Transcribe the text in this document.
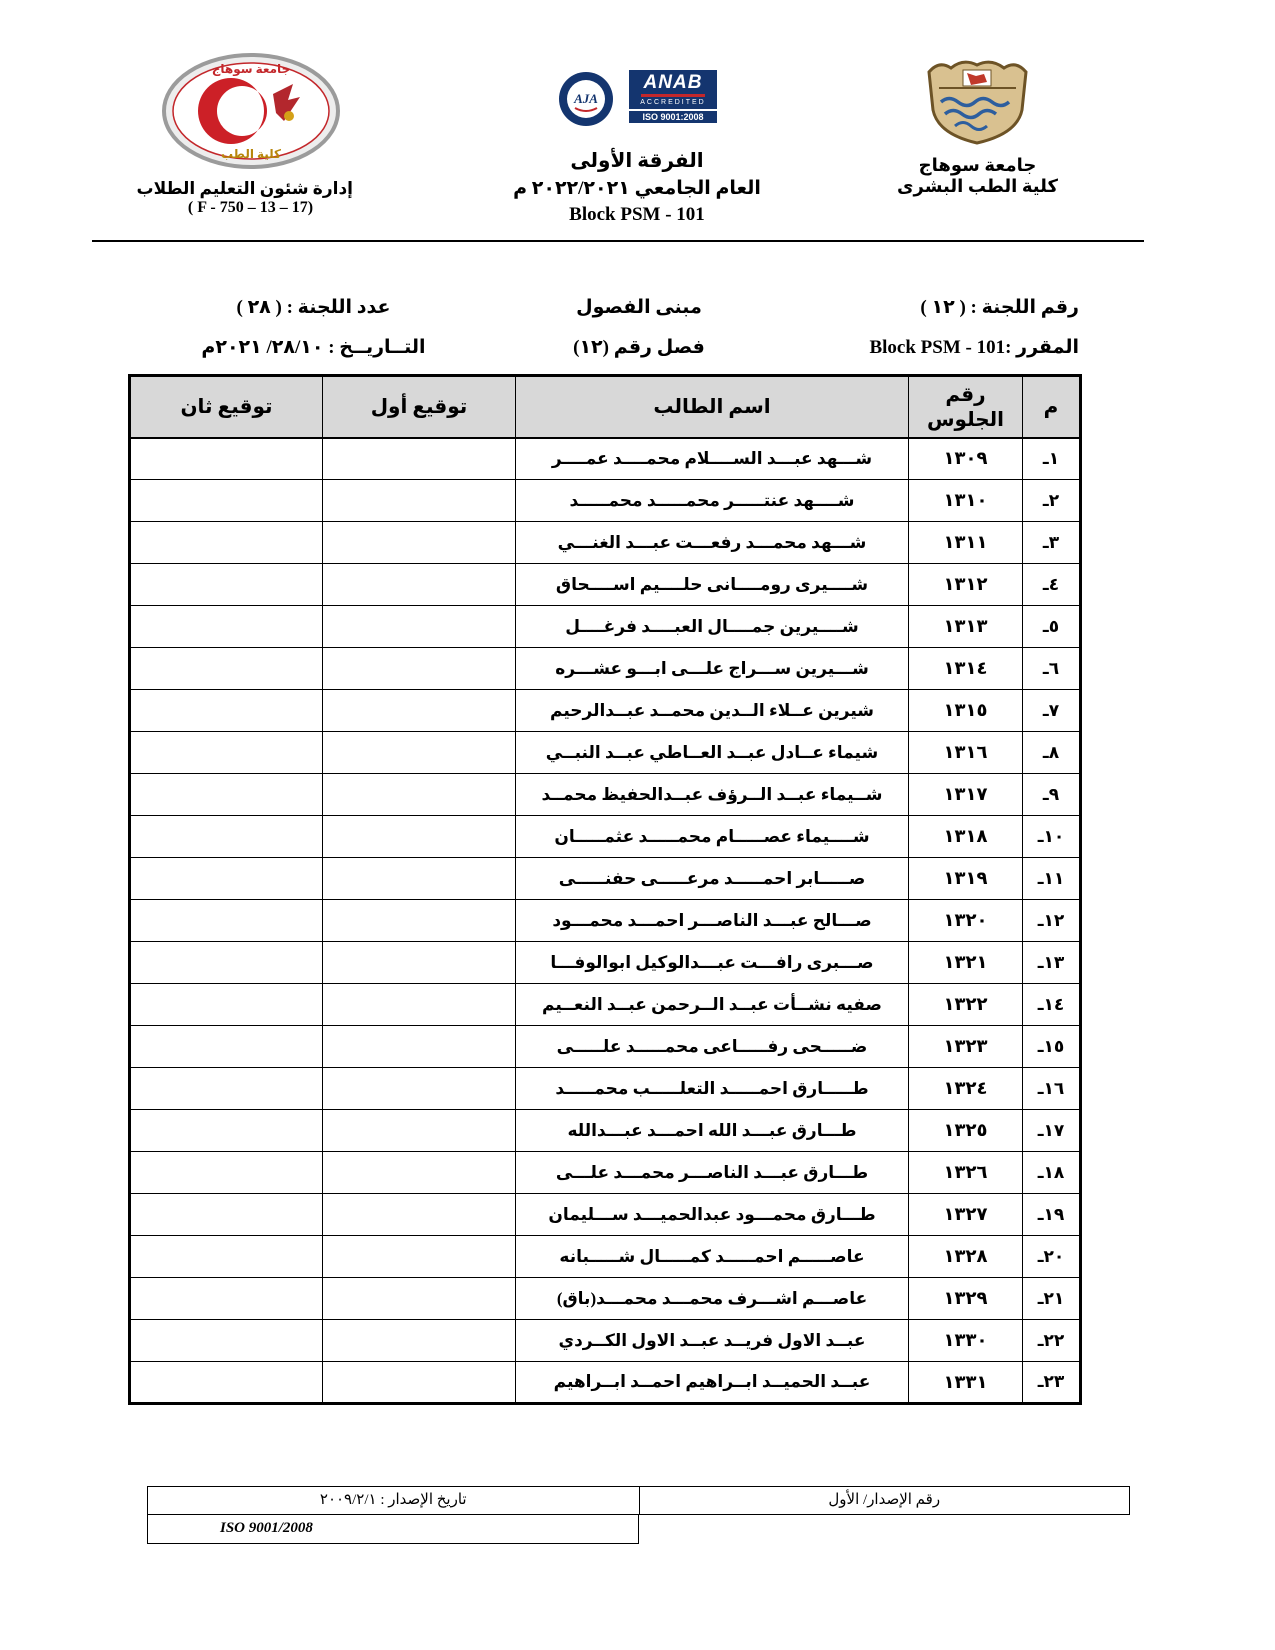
جامعة سوهاج
كلية الطب
إدارة شئون التعليم الطلاب
( F - 750 – 13 – 17)
ANAB
ACCREDITED
ISO 9001:2008
AJA
الفرقة الأولى
العام الجامعي ٢٠٢٢/٢٠٢١ م
Block PSM - 101
جامعة سوهاج
كلية الطب البشرى
رقم اللجنة : ( ١٢ )
المقرر :Block PSM - 101
مبنى الفصول
فصل رقم (١٢)
عدد اللجنة : ( ٢٨ )
التــاريــخ : ٢٨/١٠/ ٢٠٢١م
م	رقم الجلوس	اسم الطالب	توقيع أول	توقيع ثان
١ـ	١٣٠٩	شـــهد عبـــد الســــلام محمــــد عمــــر		
٢ـ	١٣١٠	شــــهد عنتـــــر محمـــــد محمـــــد		
٣ـ	١٣١١	شـــهد محمـــد رفعـــت عبـــد الغنـــي		
٤ـ	١٣١٢	شــــيرى رومــــانى حلــــيم اســــحاق		
٥ـ	١٣١٣	شــــيرين جمــــال العبــــد فرغــــل		
٦ـ	١٣١٤	شـــيرين ســـراج علـــى ابـــو عشـــره		
٧ـ	١٣١٥	شيرين عــلاء الــدين محمــد عبــدالرحيم		
٨ـ	١٣١٦	شيماء عــادل عبــد العــاطي عبــد النبــي		
٩ـ	١٣١٧	شــيماء عبــد الــرؤف عبــدالحفيظ محمــد		
١٠ـ	١٣١٨	شــــيماء عصـــــام محمـــــد عثمـــــان		
١١ـ	١٣١٩	صـــــابر احمـــــد مرعـــــى حفنـــــى		
١٢ـ	١٣٢٠	صـــالح عبـــد الناصـــر احمـــد محمـــود		
١٣ـ	١٣٢١	صـــبرى رافـــت عبـــدالوكيل ابوالوفـــا		
١٤ـ	١٣٢٢	صفيه نشــأت عبــد الــرحمن عبــد النعــيم		
١٥ـ	١٣٢٣	ضـــــحى رفـــــاعى محمـــــد علـــــى		
١٦ـ	١٣٢٤	طـــــارق احمـــــد التعلـــــب محمـــــد		
١٧ـ	١٣٢٥	طـــارق عبـــد الله احمـــد عبـــدالله		
١٨ـ	١٣٢٦	طـــارق عبـــد الناصـــر محمـــد علـــى		
١٩ـ	١٣٢٧	طـــارق محمـــود عبدالحميـــد ســـليمان		
٢٠ـ	١٣٢٨	عاصـــــم احمـــــد كمـــــال شـــــبانه		
٢١ـ	١٣٢٩	عاصـــم اشـــرف محمـــد محمـــد(باق)		
٢٢ـ	١٣٣٠	عبــد الاول فريــد عبــد الاول الكــردي		
٢٣ـ	١٣٣١	عبــد الحميــد ابــراهيم احمــد ابــراهيم		
رقم الإصدار/ الأول
تاريخ الإصدار : ٢٠٠٩/٢/١
ISO 9001/2008
